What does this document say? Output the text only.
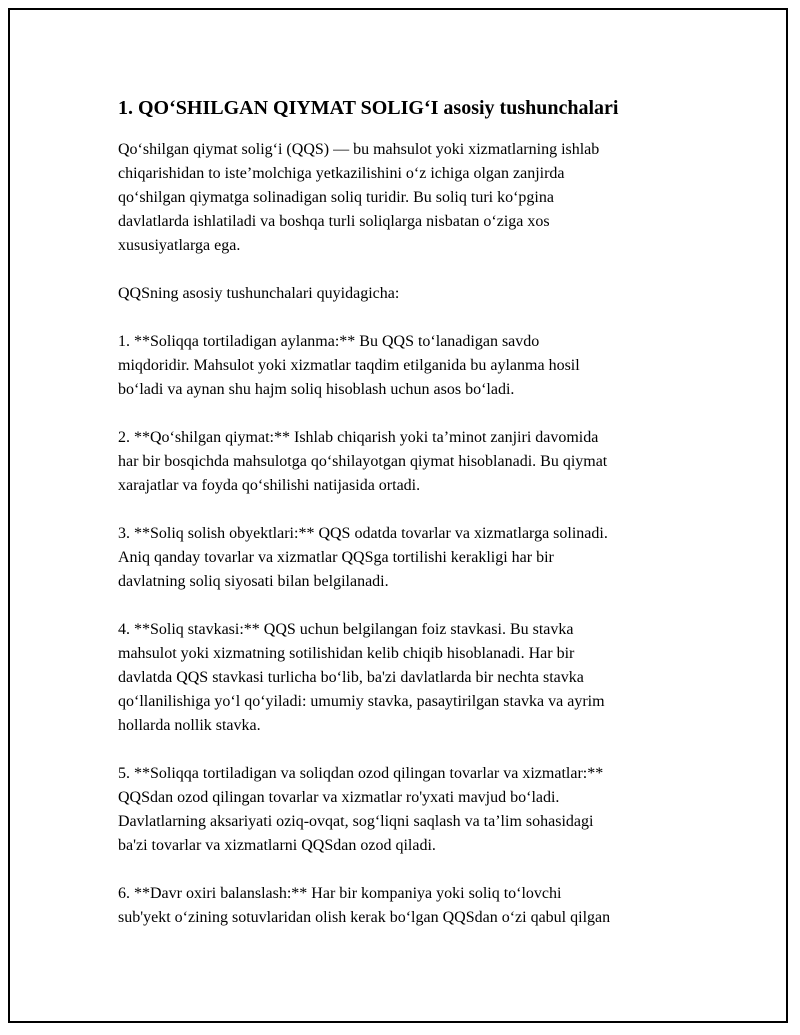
1. QO‘SHILGAN QIYMAT SOLIG‘I asosiy tushunchalari

Qo‘shilgan qiymat solig‘i (QQS) — bu mahsulot yoki xizmatlarning ishlab
chiqarishidan to iste’molchiga yetkazilishini o‘z ichiga olgan zanjirda
qo‘shilgan qiymatga solinadigan soliq turidir. Bu soliq turi ko‘pgina
davlatlarda ishlatiladi va boshqa turli soliqlarga nisbatan o‘ziga xos
xususiyatlarga ega.

QQSning asosiy tushunchalari quyidagicha:

1. **Soliqqa tortiladigan aylanma:** Bu QQS to‘lanadigan savdo
miqdoridir. Mahsulot yoki xizmatlar taqdim etilganida bu aylanma hosil
bo‘ladi va aynan shu hajm soliq hisoblash uchun asos bo‘ladi.

2. **Qo‘shilgan qiymat:** Ishlab chiqarish yoki ta’minot zanjiri davomida
har bir bosqichda mahsulotga qo‘shilayotgan qiymat hisoblanadi. Bu qiymat
xarajatlar va foyda qo‘shilishi natijasida ortadi.

3. **Soliq solish obyektlari:** QQS odatda tovarlar va xizmatlarga solinadi.
Aniq qanday tovarlar va xizmatlar QQSga tortilishi kerakligi har bir
davlatning soliq siyosati bilan belgilanadi.

4. **Soliq stavkasi:** QQS uchun belgilangan foiz stavkasi. Bu stavka
mahsulot yoki xizmatning sotilishidan kelib chiqib hisoblanadi. Har bir
davlatda QQS stavkasi turlicha bo‘lib, ba'zi davlatlarda bir nechta stavka
qo‘llanilishiga yo‘l qo‘yiladi: umumiy stavka, pasaytirilgan stavka va ayrim
hollarda nollik stavka.

5. **Soliqqa tortiladigan va soliqdan ozod qilingan tovarlar va xizmatlar:**
QQSdan ozod qilingan tovarlar va xizmatlar ro'yxati mavjud bo‘ladi.
Davlatlarning aksariyati oziq-ovqat, sog‘liqni saqlash va ta’lim sohasidagi
ba'zi tovarlar va xizmatlarni QQSdan ozod qiladi.

6. **Davr oxiri balanslash:** Har bir kompaniya yoki soliq to‘lovchi
sub'yekt o‘zining sotuvlaridan olish kerak bo‘lgan QQSdan o‘zi qabul qilgan
